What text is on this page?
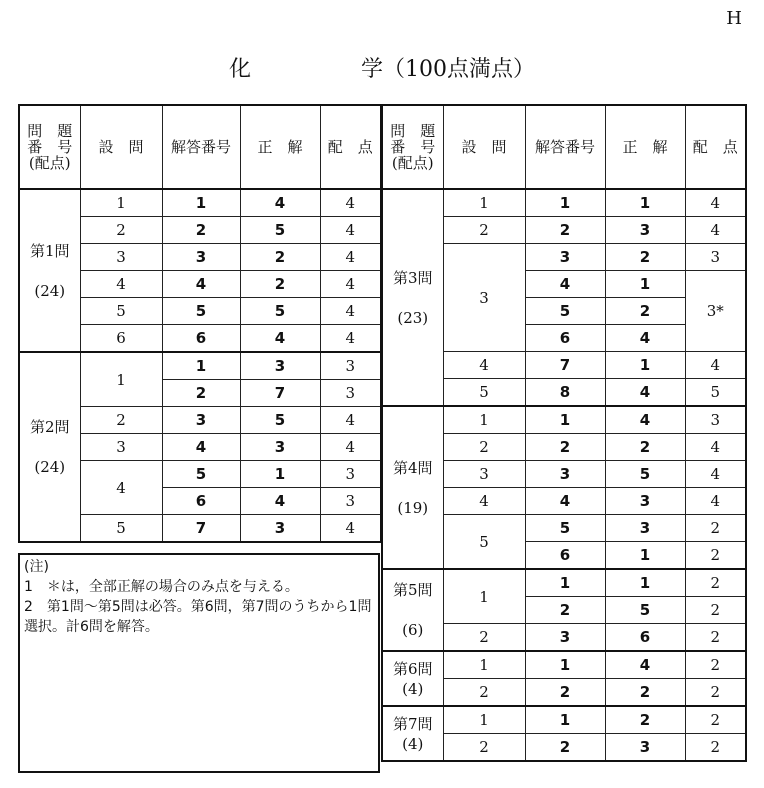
H
化　　　　　学（100点満点）
問　題
番　号
(配点)	設　問	解答番号	正　解	配　点
第1問

(24)	1	1	4	4
	2	2	5	4
	3	3	2	4
	4	4	2	4
	5	5	5	4
	6	6	4	4
第2問

(24)	1	1	3	3
		2	7	3
	2	3	5	4
	3	4	3	4
	4	5	1	3
		6	4	3
	5	7	3	4
(注)
1　＊は，全部正解の場合のみ点を与える。
2　第1問～第5問は必答。第6問，第7問のうちから1問選択。計6問を解答。
問　題
番　号
(配点)	設　問	解答番号	正　解	配　点
第3問

(23)	1	1	1	4
	2	2	3	4
	3	3	2	3
		4	1	3*
		5	2	
		6	4	
	4	7	1	4
	5	8	4	5
第4問

(19)	1	1	4	3
	2	2	2	4
	3	3	5	4
	4	4	3	4
	5	5	3	2
		6	1	2
第5問

(6)	1	1	1	2
		2	5	2
	2	3	6	2
第6問
(4)	1	1	4	2
	2	2	2	2
第7問
(4)	1	1	2	2
	2	2	3	2
